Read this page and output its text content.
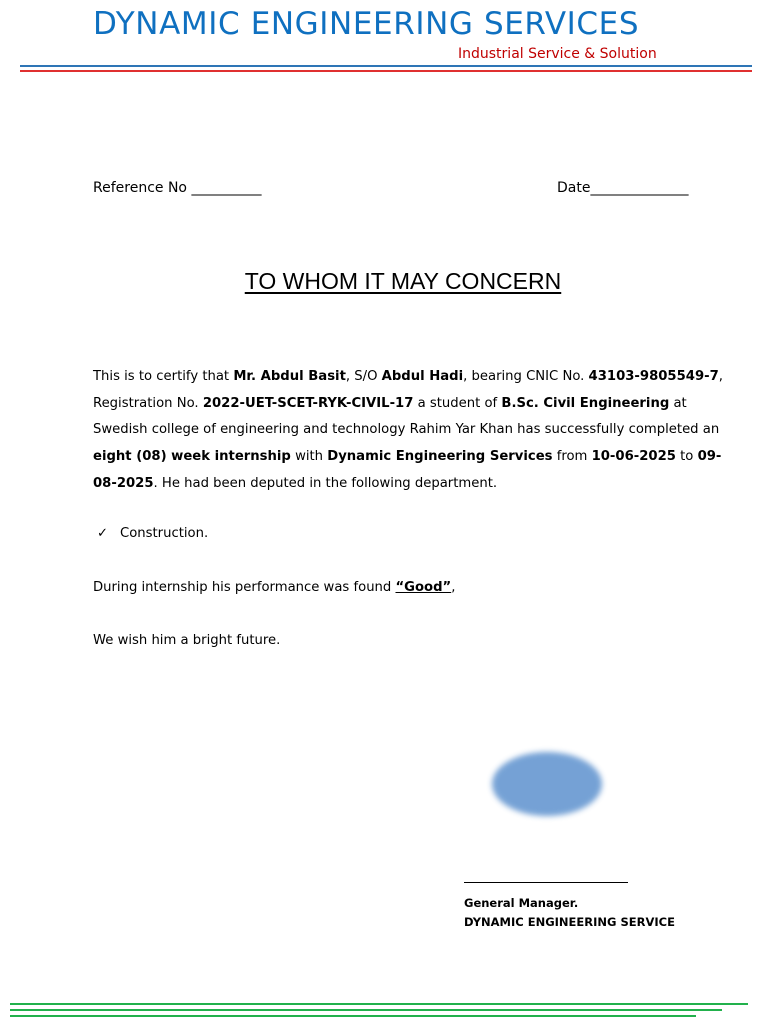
DYNAMIC ENGINEERING SERVICES
Industrial Service & Solution
Reference No __________	Date______________
TO WHOM IT MAY CONCERN
This is to certify that Mr. Abdul Basit, S/O Abdul Hadi, bearing CNIC No. 43103-9805549-7, Registration No. 2022-UET-SCET-RYK-CIVIL-17 a student of B.Sc. Civil Engineering at Swedish college of engineering and technology Rahim Yar Khan has successfully completed an eight (08) week internship with Dynamic Engineering Services from 10-06-2025 to 09-08-2025. He had been deputed in the following department.
✓ Construction.
During internship his performance was found “Good”,
We wish him a bright future.
General Manager.
DYNAMIC ENGINEERING SERVICE
